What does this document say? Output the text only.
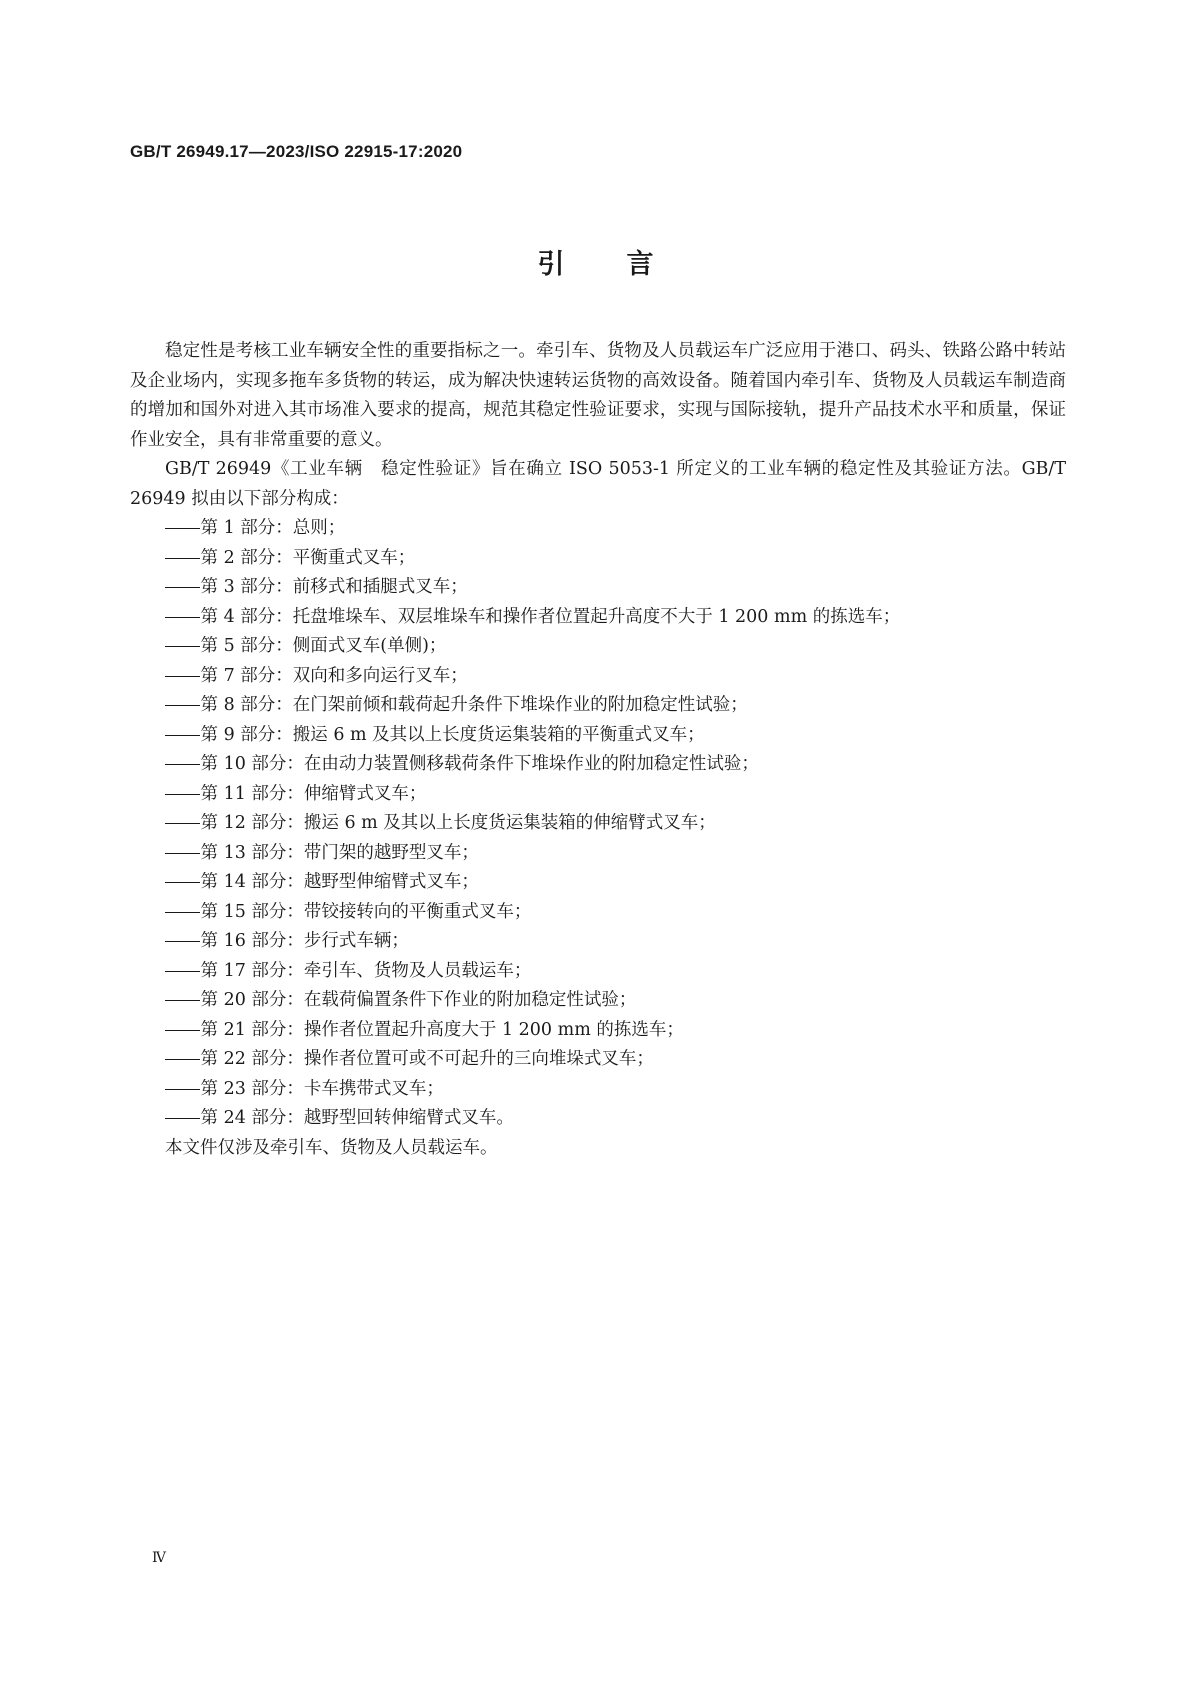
GB/T 26949.17—2023/ISO 22915-17:2020
引言

稳定性是考核工业车辆安全性的重要指标之一。牵引车、货物及人员载运车广泛应用于港口、码头、铁路公路中转站及企业场内，实现多拖车多货物的转运，成为解决快速转运货物的高效设备。随着国内牵引车、货物及人员载运车制造商的增加和国外对进入其市场准入要求的提高，规范其稳定性验证要求，实现与国际接轨，提升产品技术水平和质量，保证作业安全，具有非常重要的意义。

GB/T 26949《工业车辆　稳定性验证》旨在确立 ISO 5053-1 所定义的工业车辆的稳定性及其验证方法。GB/T 26949 拟由以下部分构成：

第 1 部分：总则；
第 2 部分：平衡重式叉车；
第 3 部分：前移式和插腿式叉车；
第 4 部分：托盘堆垛车、双层堆垛车和操作者位置起升高度不大于 1 200 mm 的拣选车；
第 5 部分：侧面式叉车(单侧)；
第 7 部分：双向和多向运行叉车；
第 8 部分：在门架前倾和载荷起升条件下堆垛作业的附加稳定性试验；
第 9 部分：搬运 6 m 及其以上长度货运集装箱的平衡重式叉车；
第 10 部分：在由动力装置侧移载荷条件下堆垛作业的附加稳定性试验；
第 11 部分：伸缩臂式叉车；
第 12 部分：搬运 6 m 及其以上长度货运集装箱的伸缩臂式叉车；
第 13 部分：带门架的越野型叉车；
第 14 部分：越野型伸缩臂式叉车；
第 15 部分：带铰接转向的平衡重式叉车；
第 16 部分：步行式车辆；
第 17 部分：牵引车、货物及人员载运车；
第 20 部分：在载荷偏置条件下作业的附加稳定性试验；
第 21 部分：操作者位置起升高度大于 1 200 mm 的拣选车；
第 22 部分：操作者位置可或不可起升的三向堆垛式叉车；
第 23 部分：卡车携带式叉车；
第 24 部分：越野型回转伸缩臂式叉车。

本文件仅涉及牵引车、货物及人员载运车。

Ⅳ
